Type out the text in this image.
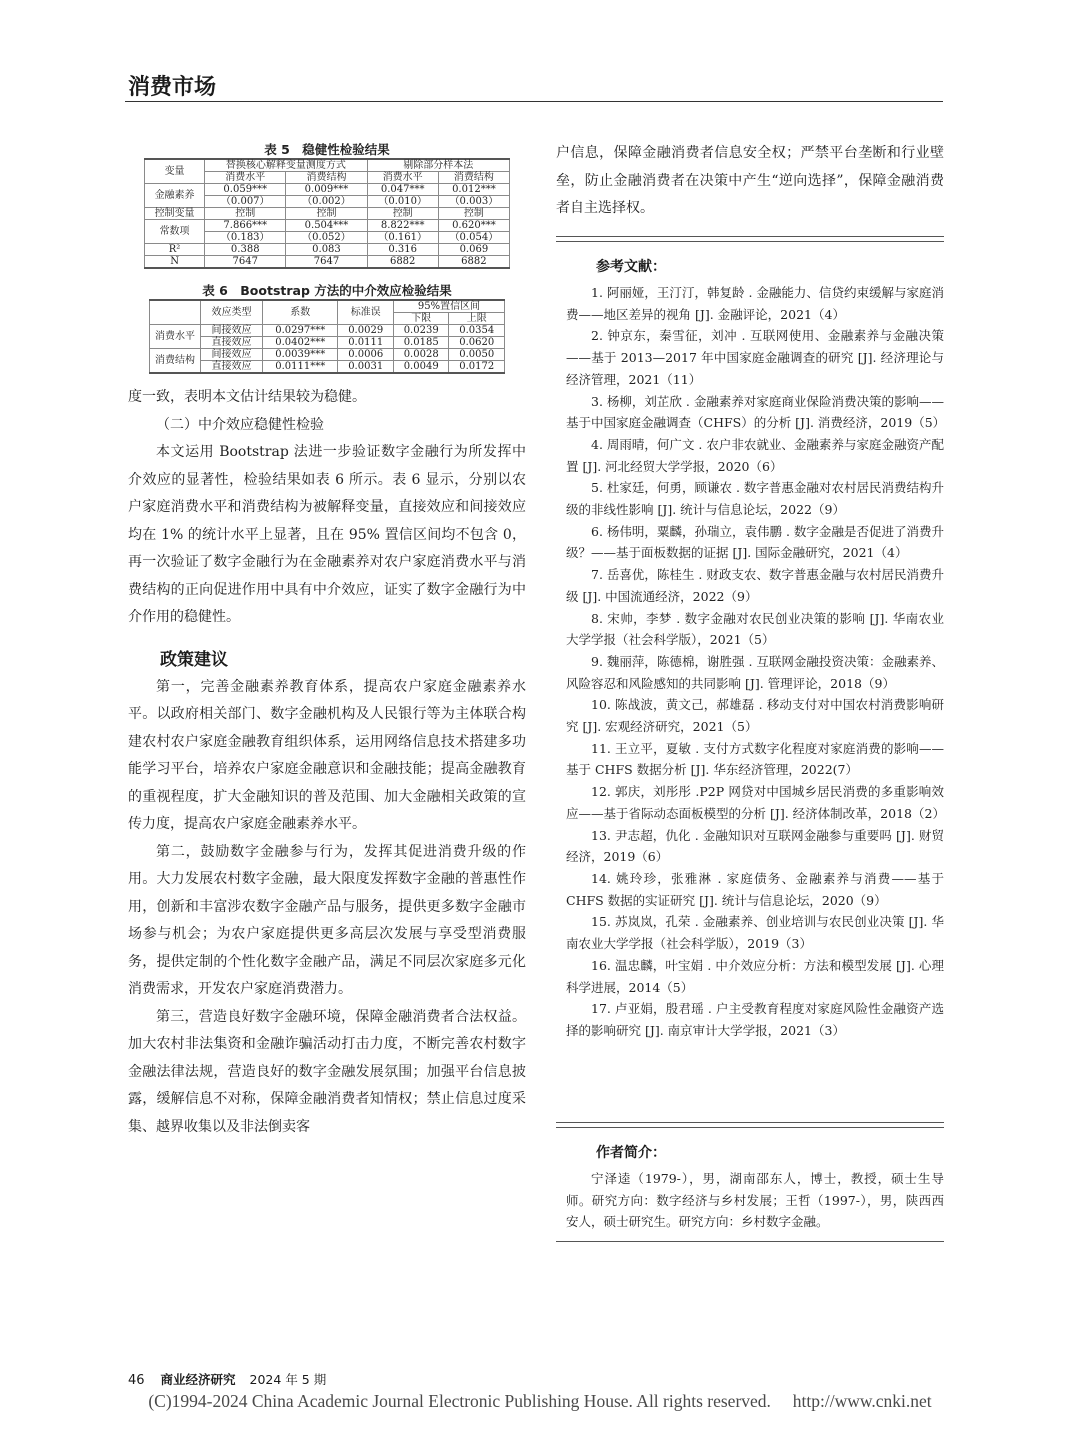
消费市场
表 5　稳健性检验结果
变量	替换核心解释变量测度方式		剔除部分样本法	
	消费水平	消费结构	消费水平	消费结构
金融素养	0.059***	0.009***	0.047***	0.012***
	（0.007）	（0.002）	（0.010）	（0.003）
控制变量	控制	控制	控制	控制
常数项	7.866***	0.504***	8.822***	0.620***
	（0.183）	（0.052）	（0.161）	（0.054）
R²	0.388	0.083	0.316	0.069
N	7647	7647	6882	6882
表 6　Bootstrap 方法的中介效应检验结果
	效应类型	系数	标准误	95%置信区间	
				下限	上限
消费水平	间接效应	0.0297***	0.0029	0.0239	0.0354
	直接效应	0.0402***	0.0111	0.0185	0.0620
消费结构	间接效应	0.0039***	0.0006	0.0028	0.0050
	直接效应	0.0111***	0.0031	0.0049	0.0172

度一致，表明本文估计结果较为稳健。

（二）中介效应稳健性检验

本文运用 Bootstrap 法进一步验证数字金融行为所发挥中介效应的显著性，检验结果如表 6 所示。表 6 显示，分别以农户家庭消费水平和消费结构为被解释变量，直接效应和间接效应均在 1% 的统计水平上显著，且在 95% 置信区间均不包含 0，再一次验证了数字金融行为在金融素养对农户家庭消费水平与消费结构的正向促进作用中具有中介效应，证实了数字金融行为中介作用的稳健性。

政策建议

第一，完善金融素养教育体系，提高农户家庭金融素养水平。以政府相关部门、数字金融机构及人民银行等为主体联合构建农村农户家庭金融教育组织体系，运用网络信息技术搭建多功能学习平台，培养农户家庭金融意识和金融技能；提高金融教育的重视程度，扩大金融知识的普及范围、加大金融相关政策的宣传力度，提高农户家庭金融素养水平。

第二，鼓励数字金融参与行为，发挥其促进消费升级的作用。大力发展农村数字金融，最大限度发挥数字金融的普惠性作用，创新和丰富涉农数字金融产品与服务，提供更多数字金融市场参与机会；为农户家庭提供更多高层次发展与享受型消费服务，提供定制的个性化数字金融产品，满足不同层次家庭多元化消费需求，开发农户家庭消费潜力。

第三，营造良好数字金融环境，保障金融消费者合法权益。加大农村非法集资和金融诈骗活动打击力度，不断完善农村数字金融法律法规，营造良好的数字金融发展氛围；加强平台信息披露，缓解信息不对称，保障金融消费者知情权；禁止信息过度采集、越界收集以及非法倒卖客

户信息，保障金融消费者信息安全权；严禁平台垄断和行业壁垒，防止金融消费者在决策中产生“逆向选择”，保障金融消费者自主选择权。

参考文献：
1. 阿丽娅，王汀汀，韩复龄 . 金融能力、信贷约束缓解与家庭消费——地区差异的视角 [J]. 金融评论，2021（4）
2. 钟京东，秦雪征，刘冲 . 互联网使用、金融素养与金融决策——基于 2013—2017 年中国家庭金融调查的研究 [J]. 经济理论与经济管理，2021（11）
3. 杨柳，刘芷欣 . 金融素养对家庭商业保险消费决策的影响——基于中国家庭金融调查（CHFS）的分析 [J]. 消费经济，2019（5）
4. 周雨晴，何广文 . 农户非农就业、金融素养与家庭金融资产配置 [J]. 河北经贸大学学报，2020（6）
5. 杜家廷，何勇，顾谦农 . 数字普惠金融对农村居民消费结构升级的非线性影响 [J]. 统计与信息论坛，2022（9）
6. 杨伟明，粟麟，孙瑞立，袁伟鹏 . 数字金融是否促进了消费升级？——基于面板数据的证据 [J]. 国际金融研究，2021（4）
7. 岳喜优，陈桂生 . 财政支农、数字普惠金融与农村居民消费升级 [J]. 中国流通经济，2022（9）
8. 宋帅，李梦 . 数字金融对农民创业决策的影响 [J]. 华南农业大学学报（社会科学版），2021（5）
9. 魏丽萍，陈德棉，谢胜强 . 互联网金融投资决策：金融素养、风险容忍和风险感知的共同影响 [J]. 管理评论，2018（9）
10. 陈战波，黄文己，郝雄磊 . 移动支付对中国农村消费影响研究 [J]. 宏观经济研究，2021（5）
11. 王立平，夏敏 . 支付方式数字化程度对家庭消费的影响——基于 CHFS 数据分析 [J]. 华东经济管理，2022(7）
12. 郭庆，刘彤彤 .P2P 网贷对中国城乡居民消费的多重影响效应——基于省际动态面板模型的分析 [J]. 经济体制改革，2018（2）
13. 尹志超，仇化 . 金融知识对互联网金融参与重要吗 [J]. 财贸经济，2019（6）
14. 姚玲珍，张雅淋 . 家庭债务、金融素养与消费——基于 CHFS 数据的实证研究 [J]. 统计与信息论坛，2020（9）
15. 苏岚岚，孔荣 . 金融素养、创业培训与农民创业决策 [J]. 华南农业大学学报（社会科学版），2019（3）
16. 温忠麟，叶宝娟 . 中介效应分析：方法和模型发展 [J]. 心理科学进展，2014（5）
17. 卢亚娟，殷君瑶 . 户主受教育程度对家庭风险性金融资产选择的影响研究 [J]. 南京审计大学学报，2021（3）
作者简介：
宁泽逵（1979-），男，湖南邵东人，博士，教授，硕士生导师。研究方向：数字经济与乡村发展；王哲（1997-），男，陕西西安人，硕士研究生。研究方向：乡村数字金融。
46 商业经济研究 2024 年 5 期
(C)1994-2024 China Academic Journal Electronic Publishing House. All rights reserved.　 http://www.cnki.net
